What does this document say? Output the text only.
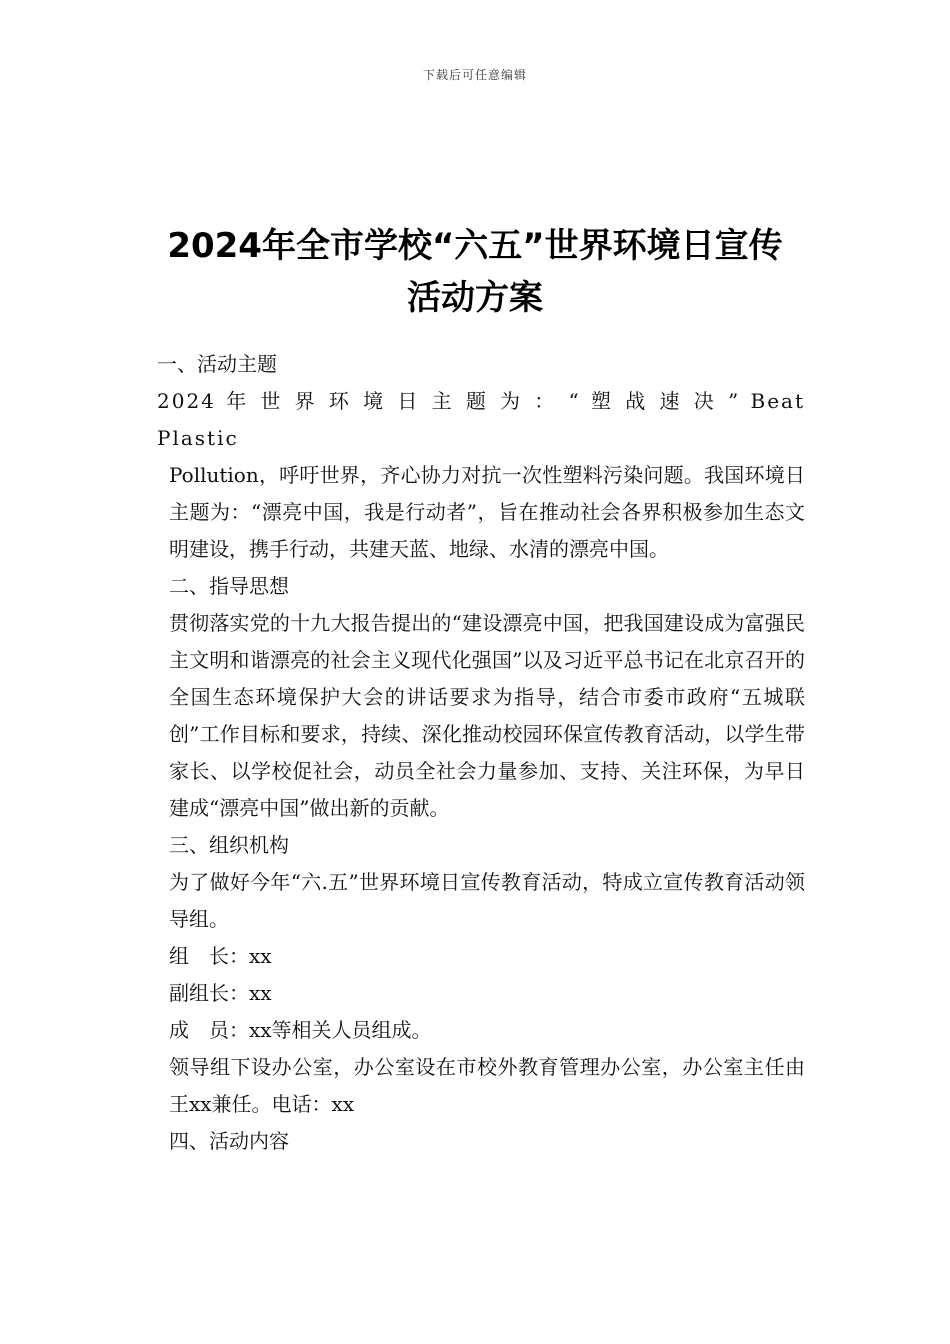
下载后可任意编辑
2024年全市学校“六五”世界环境日宣传
活动方案

一、活动主题

2024 年 世 界 环 境 日 主 题 为 ： “ 塑 战 速 决 ” Beat Plastic

Pollution，呼吁世界，齐心协力对抗一次性塑料污染问题。我国环境日主题为：“漂亮中国，我是行动者”，旨在推动社会各界积极参加生态文明建设，携手行动，共建天蓝、地绿、水清的漂亮中国。

二、指导思想

贯彻落实党的十九大报告提出的“建设漂亮中国，把我国建设成为富强民主文明和谐漂亮的社会主义现代化强国”以及习近平总书记在北京召开的全国生态环境保护大会的讲话要求为指导，结合市委市政府“五城联创”工作目标和要求，持续、深化推动校园环保宣传教育活动，以学生带家长、以学校促社会，动员全社会力量参加、支持、关注环保，为早日建成“漂亮中国”做出新的贡献。

三、组织机构

为了做好今年“六.五”世界环境日宣传教育活动，特成立宣传教育活动领导组。

组　长：xx

副组长：xx

成　员：xx等相关人员组成。

领导组下设办公室，办公室设在市校外教育管理办公室，办公室主任由王xx兼任。电话：xx

四、活动内容
